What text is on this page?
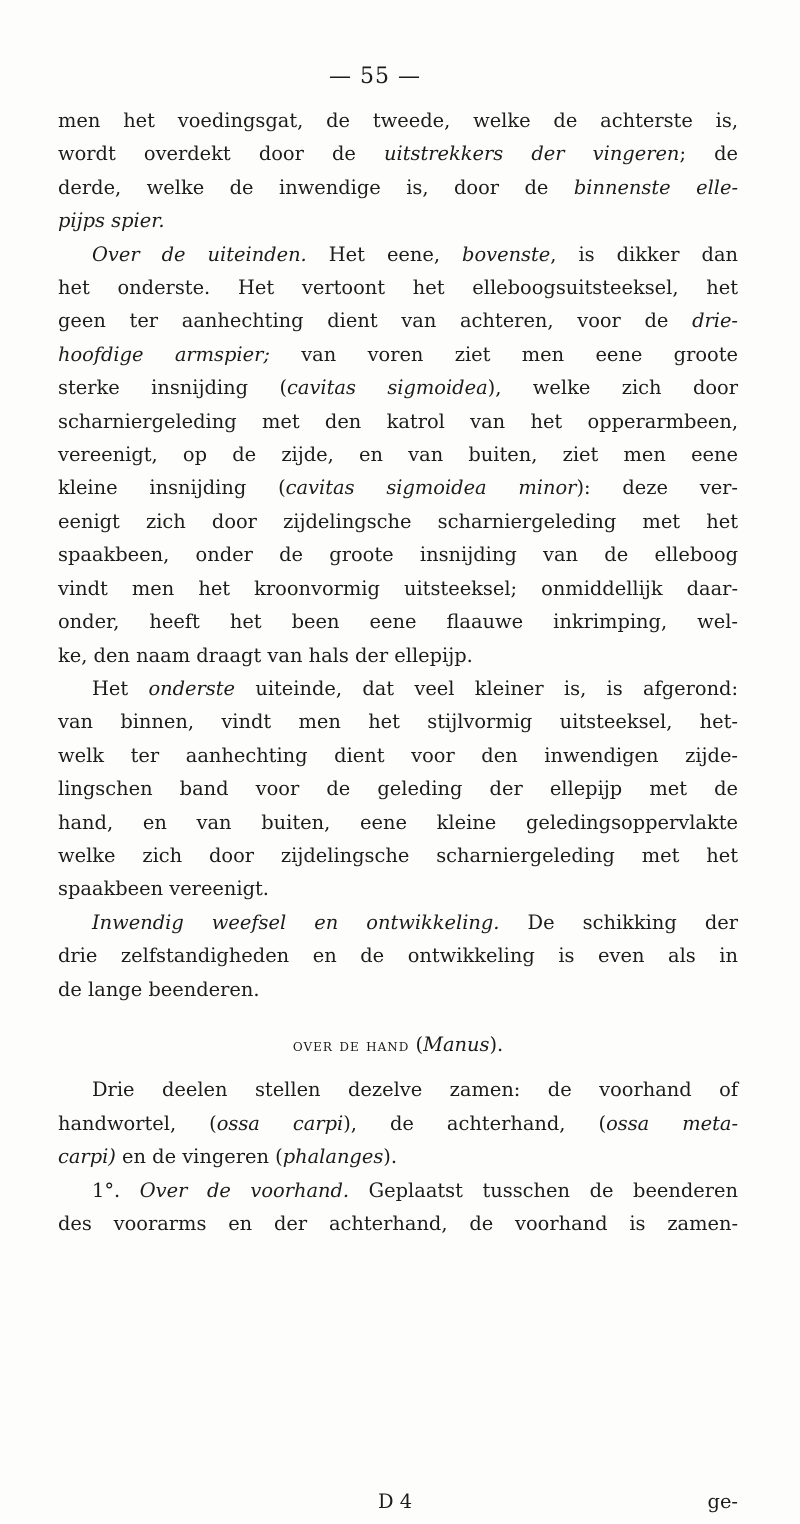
— 55 —
men het voedingsgat, de tweede, welke de achterste is,
wordt overdekt door de uitstrekkers der vingeren; de
derde, welke de inwendige is, door de binnenste elle-
pijps spier.
Over de uiteinden. Het eene, bovenste, is dikker dan
het onderste. Het vertoont het elleboogsuitsteeksel, het
geen ter aanhechting dient van achteren, voor de drie-
hoofdige armspier; van voren ziet men eene groote
sterke insnijding (cavitas sigmoidea), welke zich door
scharniergeleding met den katrol van het opperarmbeen,
vereenigt, op de zijde, en van buiten, ziet men eene
kleine insnijding (cavitas sigmoidea minor): deze ver-
eenigt zich door zijdelingsche scharniergeleding met het
spaakbeen, onder de groote insnijding van de elleboog
vindt men het kroonvormig uitsteeksel; onmiddellijk daar-
onder, heeft het been eene flaauwe inkrimping, wel-
ke, den naam draagt van hals der ellepijp.
Het onderste uiteinde, dat veel kleiner is, is afgerond:
van binnen, vindt men het stijlvormig uitsteeksel, het-
welk ter aanhechting dient voor den inwendigen zijde-
lingschen band voor de geleding der ellepijp met de
hand, en van buiten, eene kleine geledingsoppervlakte
welke zich door zijdelingsche scharniergeleding met het
spaakbeen vereenigt.
Inwendig weefsel en ontwikkeling. De schikking der
drie zelfstandigheden en de ontwikkeling is even als in
de lange beenderen.
over de hand (Manus).
Drie deelen stellen dezelve zamen: de voorhand of
handwortel, (ossa carpi), de achterhand, (ossa meta-
carpi) en de vingeren (phalanges).
1°. Over de voorhand. Geplaatst tusschen de beenderen
des voorarms en der achterhand, de voorhand is zamen-
D 4	ge-
